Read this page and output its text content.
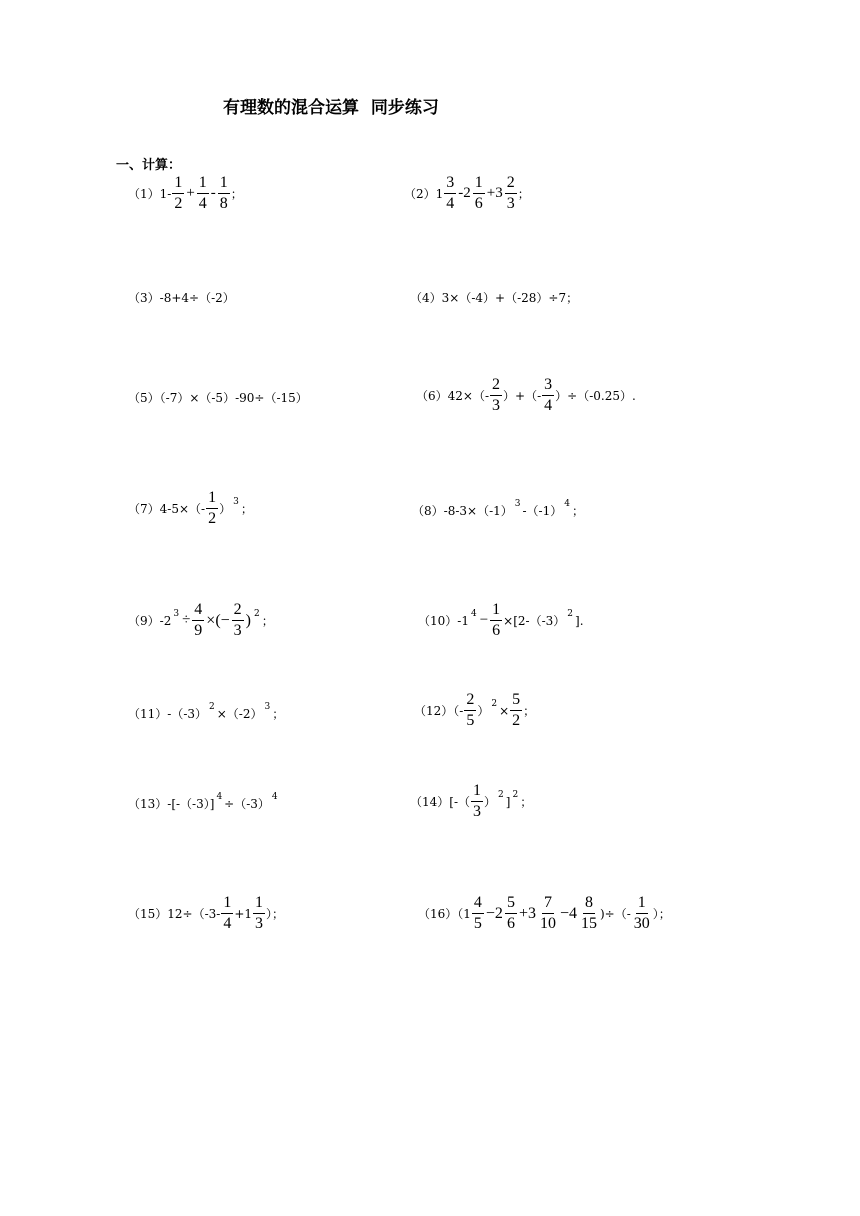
有理数的混合运算  同步练习
一、计算：
$(1)1- \frac{1}{2} + \frac{1}{4} - \frac{1}{8}$ ；	$(2)1 \frac{3}{4} -2 \frac{1}{6} +3 \frac{2}{3}$ ；
（3）-8+4÷（-2）	（4）3×（-4）+（-28）÷7；
（5）（-7）×（-5）-90÷（-15）	$(6)42\times(- \frac{2}{3}$ ）+（- $\frac{3}{4} )\div(-0.25)$.
$(7)4-5\times(- \frac{1}{2}$ ）
3
；	（8）-8-3×（-1）
3
-（-1）
4
；
（9）-2
$3 \div \frac{4}{9}$ ×(− $\frac{2}{3}$ ) 2
；	（10）-1
$4 - \frac{1}{6} \times[2-(-3)$
2 ].
（11）-（-3）
2
×（-2）
3
；	$(12)(- \frac{2}{5}$ ）
$2 \times \frac{5}{2}$ ；
（13）-[-（-3）]
4
÷（-3）
4	$(14)[-( \frac{1}{3}$ ）
2 ] 2
；
$(15)12\div(-3- \frac{1}{4} +1 \frac{1}{3}$ ）；	$(16)(1 \frac{4}{5} -2 \frac{5}{6} +3 \frac{7}{10} -4 \frac{8}{15}$ )÷（- $\frac{1}{30}$ ）；
